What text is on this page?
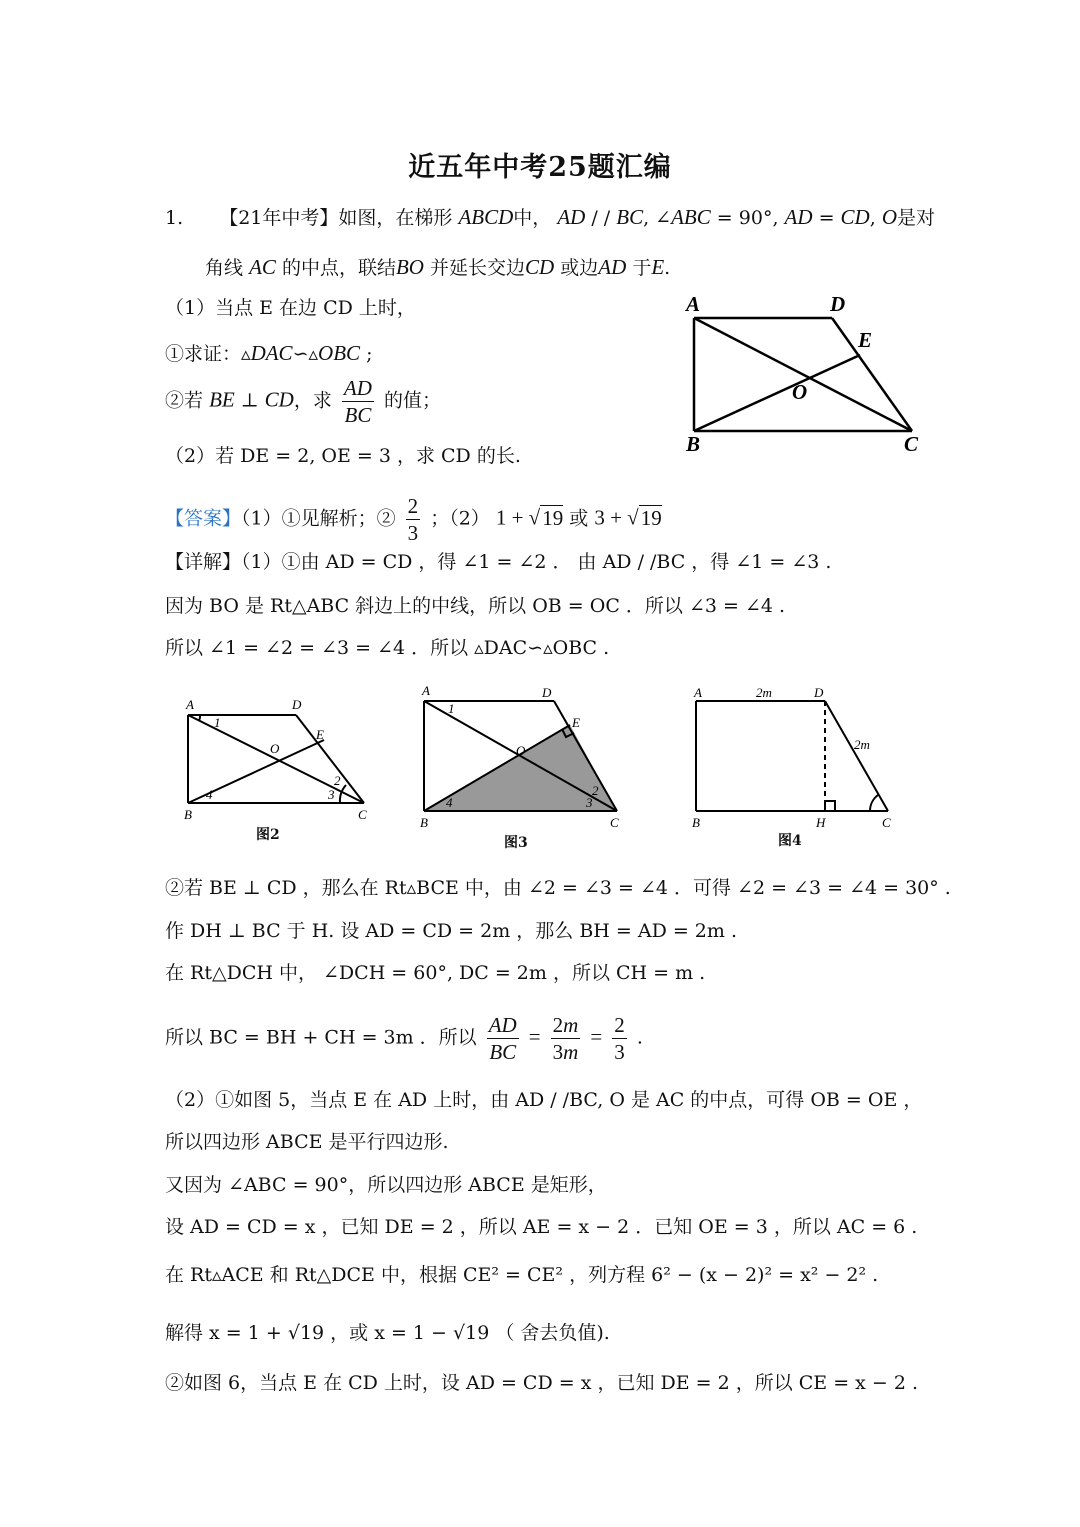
近五年中考25题汇编
1. 【21年中考】如图，在梯形 ABCD中， AD / / BC, ∠ABC = 90°, AD = CD, O是对
角线 AC 的中点，联结BO 并延长交边CD 或边AD 于E.
（1）当点 E 在边 CD 上时，
①求证：▵DAC∽▵OBC ;
②若 BE ⊥ CD，求 $\frac{AD}{BC}$ 的值；
（2）若 DE = 2, OE = 3 ，求 CD 的长.
A	D
E
O
B	C
【答案】（1）①见解析；② $\frac{2}{3}$ ；（2） 1 + √19 或 3 + √19
【详解】（1）①由 AD = CD ，得 ∠1 = ∠2 ． 由 AD / /BC ，得 ∠1 = ∠3 .
因为 BO 是 Rt△ABC 斜边上的中线，所以 OB = OC ．所以 ∠3 = ∠4 .
所以 ∠1 = ∠2 = ∠3 = ∠4 ．所以 ▵DAC∽▵OBC .
A	D
E
O
B	C
1
2
3
4
图2
A	D
E
O
B	C
1
2
3
4
图3
A	D
2m
2m
B	H	C
图4
②若 BE ⊥ CD ，那么在 Rt▵BCE 中，由 ∠2 = ∠3 = ∠4 ．可得 ∠2 = ∠3 = ∠4 = 30° .
作 DH ⊥ BC 于 H. 设 AD = CD = 2m ，那么 BH = AD = 2m .
在 Rt△DCH 中， ∠DCH = 60°, DC = 2m ，所以 CH = m .
所以 BC = BH + CH = 3m ．所以 $\frac{AD}{BC} = \frac{2m}{3m} = \frac{2}{3}$ .
（2）①如图 5，当点 E 在 AD 上时，由 AD / /BC, O 是 AC 的中点，可得 OB = OE ，
所以四边形 ABCE 是平行四边形.
又因为 ∠ABC = 90°，所以四边形 ABCE 是矩形，
设 AD = CD = x ，已知 DE = 2 ，所以 AE = x − 2 ．已知 OE = 3 ，所以 AC = 6 .
在 Rt▵ACE 和 Rt△DCE 中，根据 CE² = CE² ，列方程 6² − (x − 2)² = x² − 2² .
解得 x = 1 + √19 ，或 x = 1 − √19 （ 舍去负值).
②如图 6，当点 E 在 CD 上时，设 AD = CD = x ，已知 DE = 2 ，所以 CE = x − 2 .
